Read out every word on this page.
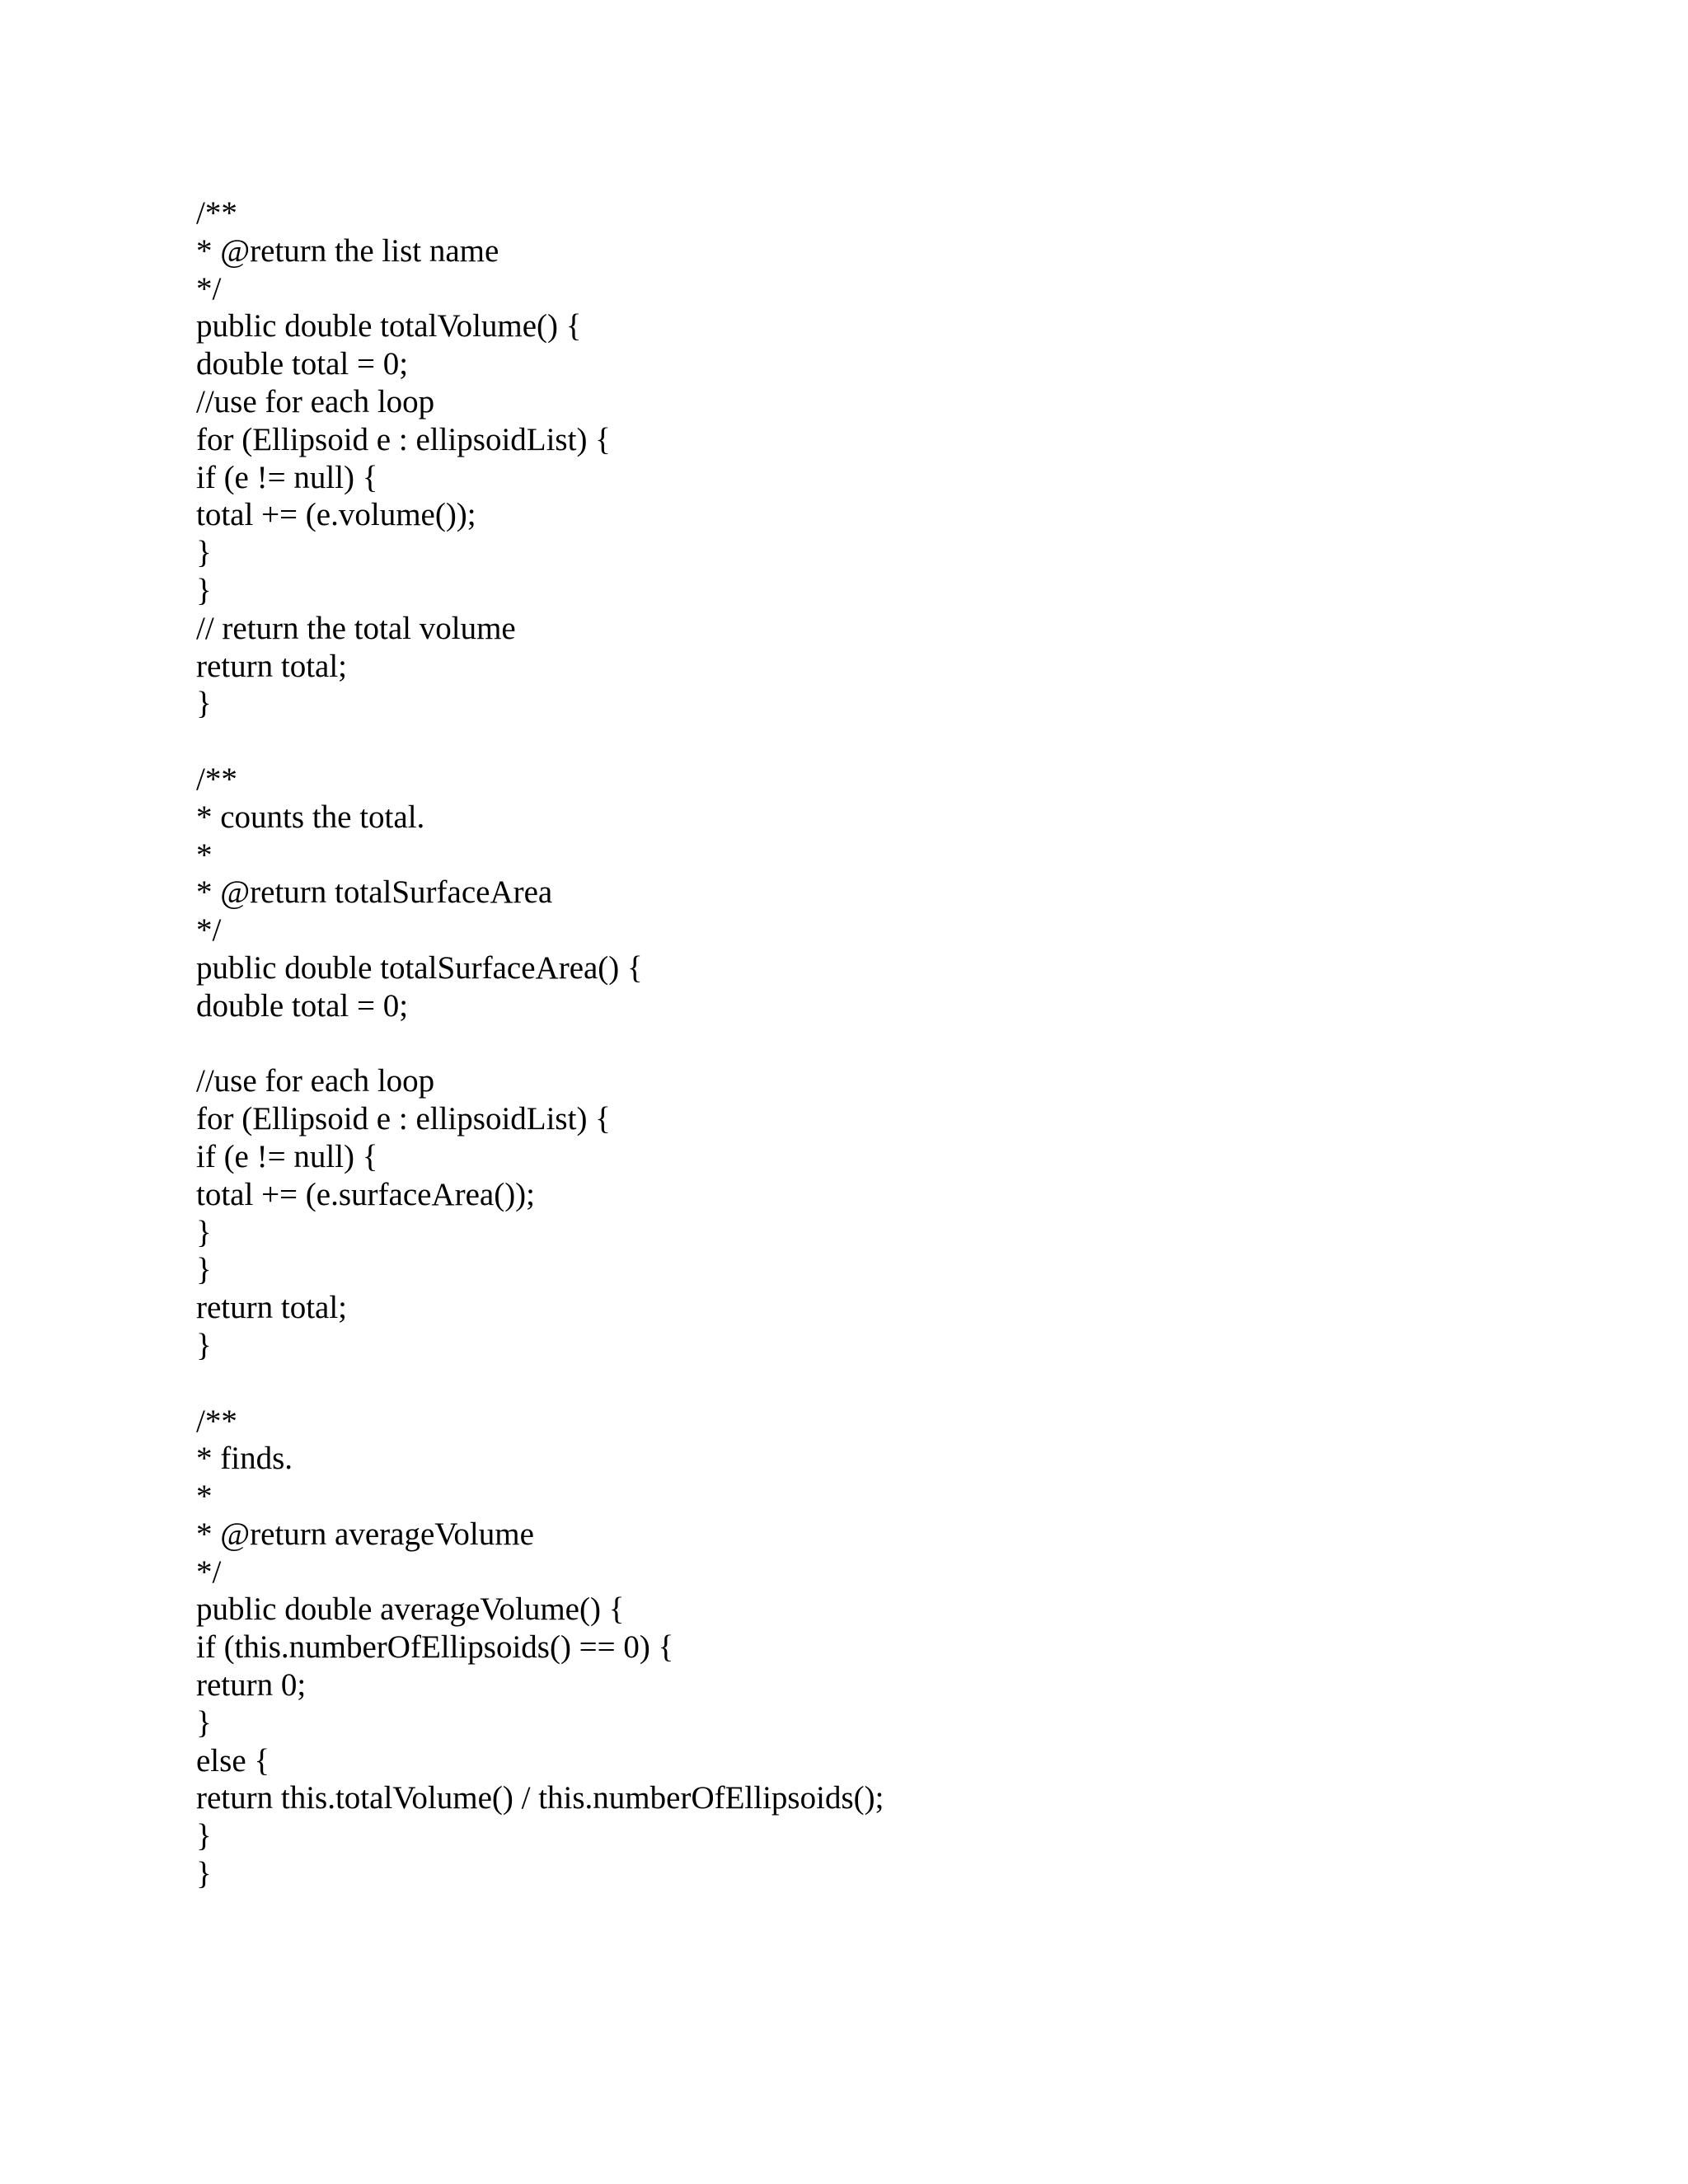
/**
* @return the list name
*/
public double totalVolume() {
double total = 0;
//use for each loop
for (Ellipsoid e : ellipsoidList) {
if (e != null) {
total += (e.volume());
}
}
// return the total volume
return total;
}
/**
* counts the total.
*
* @return totalSurfaceArea
*/
public double totalSurfaceArea() {
double total = 0;
//use for each loop
for (Ellipsoid e : ellipsoidList) {
if (e != null) {
total += (e.surfaceArea());
}
}
return total;
}
/**
* finds.
*
* @return averageVolume
*/
public double averageVolume() {
if (this.numberOfEllipsoids() == 0) {
return 0;
}
else {
return this.totalVolume() / this.numberOfEllipsoids();
}
}
